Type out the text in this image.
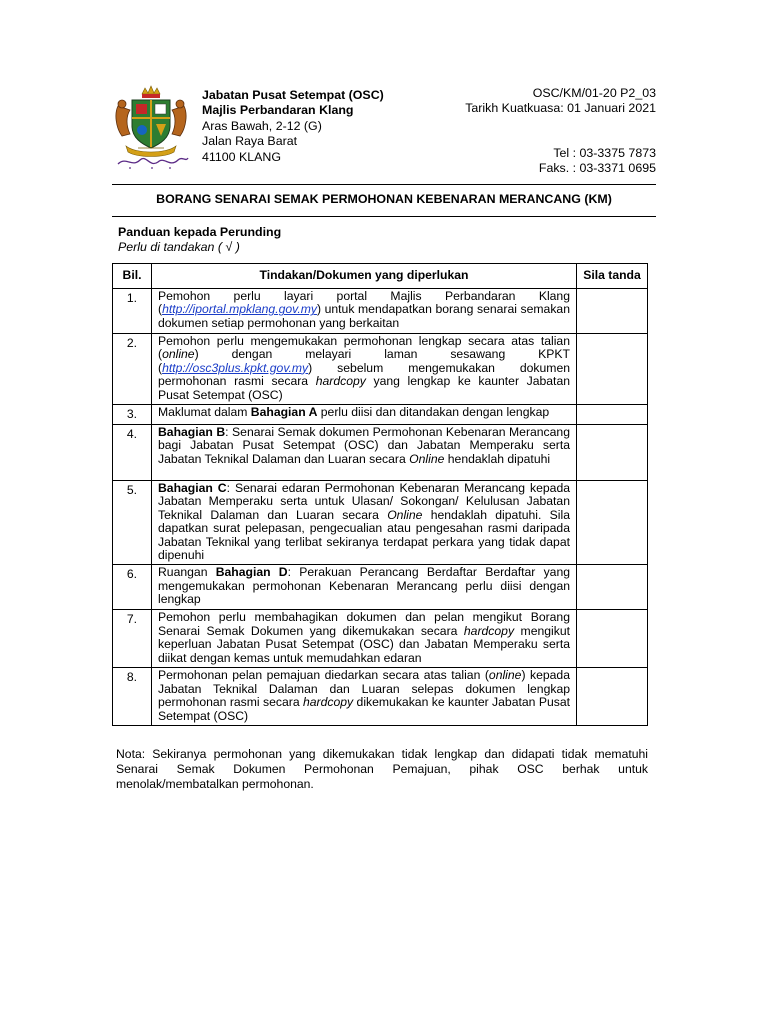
Jabatan Pusat Setempat (OSC)
Majlis Perbandaran Klang
Aras Bawah, 2-12 (G)
Jalan Raya Barat
41100 KLANG
OSC/KM/01-20 P2_03
Tarikh Kuatkuasa: 01 Januari 2021
Tel : 03-3375 7873
Faks. : 03-3371 0695
BORANG SENARAI SEMAK PERMOHONAN KEBENARAN MERANCANG (KM)
Panduan kepada Perunding
Perlu di tandakan ( √ )
Bil.	Tindakan/Dokumen yang diperlukan	Sila tanda
1.	Pemohon perlu layari portal Majlis Perbandaran Klang (http://iportal.mpklang.gov.my) untuk mendapatkan borang senarai semakan dokumen setiap permohonan yang berkaitan	
2.	Pemohon perlu mengemukakan permohonan lengkap secara atas talian (online) dengan melayari laman sesawang KPKT (http://osc3plus.kpkt.gov.my) sebelum mengemukakan dokumen permohonan rasmi secara hardcopy yang lengkap ke kaunter Jabatan Pusat Setempat (OSC)	
3.	Maklumat dalam Bahagian A perlu diisi dan ditandakan dengan lengkap	
4.	Bahagian B: Senarai Semak dokumen Permohonan Kebenaran Merancang bagi Jabatan Pusat Setempat (OSC) dan Jabatan Memperaku serta Jabatan Teknikal Dalaman dan Luaran secara Online hendaklah dipatuhi	
5.	Bahagian C: Senarai edaran Permohonan Kebenaran Merancang kepada Jabatan Memperaku serta untuk Ulasan/ Sokongan/ Kelulusan Jabatan Teknikal Dalaman dan Luaran secara Online hendaklah dipatuhi. Sila dapatkan surat pelepasan, pengecualian atau pengesahan rasmi daripada Jabatan Teknikal yang terlibat sekiranya terdapat perkara yang tidak dapat dipenuhi	
6.	Ruangan Bahagian D: Perakuan Perancang Berdaftar Berdaftar yang mengemukakan permohonan Kebenaran Merancang perlu diisi dengan lengkap	
7.	Pemohon perlu membahagikan dokumen dan pelan mengikut Borang Senarai Semak Dokumen yang dikemukakan secara hardcopy mengikut keperluan Jabatan Pusat Setempat (OSC) dan Jabatan Memperaku serta diikat dengan kemas untuk memudahkan edaran	
8.	Permohonan pelan pemajuan diedarkan secara atas talian (online) kepada Jabatan Teknikal Dalaman dan Luaran selepas dokumen lengkap permohonan rasmi secara hardcopy dikemukakan ke kaunter Jabatan Pusat Setempat (OSC)	
Nota: Sekiranya permohonan yang dikemukakan tidak lengkap dan didapati tidak mematuhi Senarai Semak Dokumen Permohonan Pemajuan, pihak OSC berhak untuk menolak/membatalkan permohonan.
